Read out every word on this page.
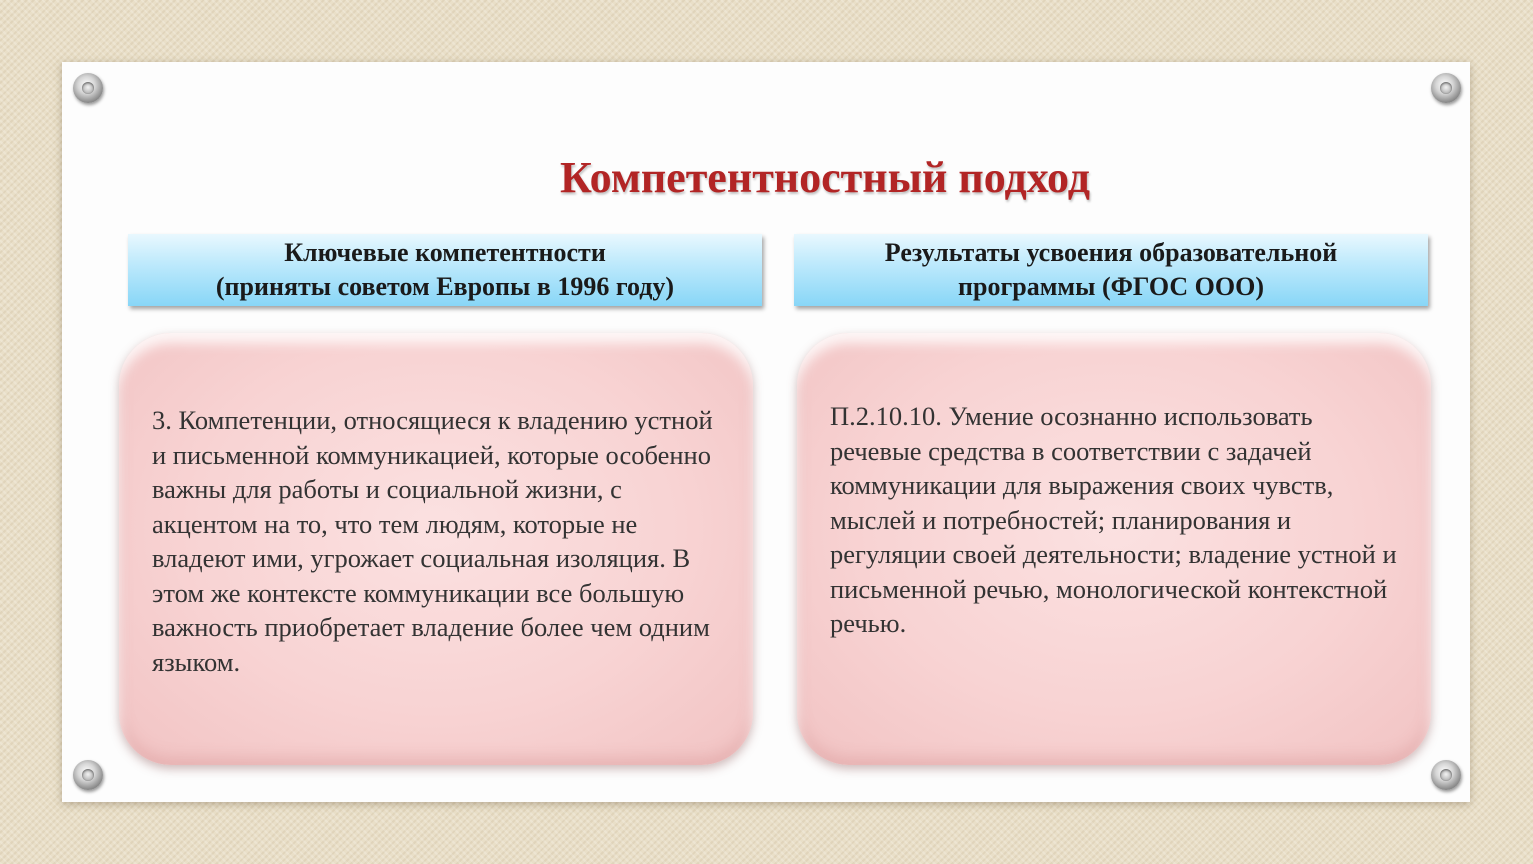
Компетентностный подход
Ключевые компетентности
(приняты советом Европы в 1996 году)
Результаты усвоения образовательной
программы (ФГОС ООО)

3. Компетенции, относящиеся к владению устной и письменной коммуникацией, которые особенно важны для работы и социальной жизни, с акцентом на то, что тем людям, которые не владеют ими, угрожает социальная изоляция. В этом же контексте коммуникации все большую важность приобретает владение более чем одним языком.

П.2.10.10. Умение осознанно использовать речевые средства в соответствии с задачей коммуникации для выражения своих чувств, мыслей и потребностей; планирования и регуляции своей деятельности; владение устной и письменной речью, монологической контекстной речью.
